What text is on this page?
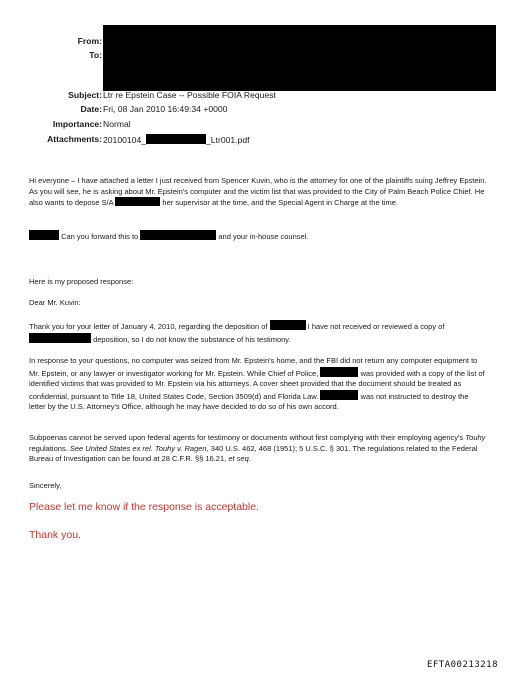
From:
To:
Subject: Ltr re Epstein Case -- Possible FOIA Request
Date: Fri, 08 Jan 2010 16:49:34 +0000
Importance: Normal
Attachments: 20100104_	_Ltr001.pdf

Hi everyone – I have attached a letter I just received from Spencer Kuvin, who is the attorney for one of the plaintiffs suing Jeffrey Epstein. As you will see, he is asking about Mr. Epstein's computer and the victim list that was provided to the City of Palm Beach Police Chief. He also wants to depose S/A	her supervisor at the time, and the Special Agent in Charge at the time.

Can you forward this to	and your in-house counsel.

Here is my proposed response:

Dear Mr. Kuvin:

Thank you for your letter of January 4, 2010, regarding the deposition of	I have not received or reviewed a copy of  deposition, so I do not know the substance of his testimony.

In response to your questions, no computer was seized from Mr. Epstein's home, and the FBI did not return any computer equipment to Mr. Epstein, or any lawyer or investigator working for Mr. Epstein. While Chief of Police,	was provided with a copy of the list of identified victims that was provided to Mr. Epstein via his attorneys. A cover sheet provided that the document should be treated as confidential, pursuant to Title 18, United States Code, Section 3509(d) and Florida Law.	was not instructed to destroy the letter by the U.S. Attorney's Office, although he may have decided to do so of his own accord.

Subpoenas cannot be served upon federal agents for testimony or documents without first complying with their employing agency's Touhy regulations. See United States ex rel. Touhy v. Ragen, 340 U.S. 462, 468 (1951); 5 U.S.C. § 301. The regulations related to the Federal Bureau of Investigation can be found at 28 C.F.R. §§ 16.21, et seq.

Sincerely,

Please let me know if the response is acceptable.
Thank you.
EFTA00213218
